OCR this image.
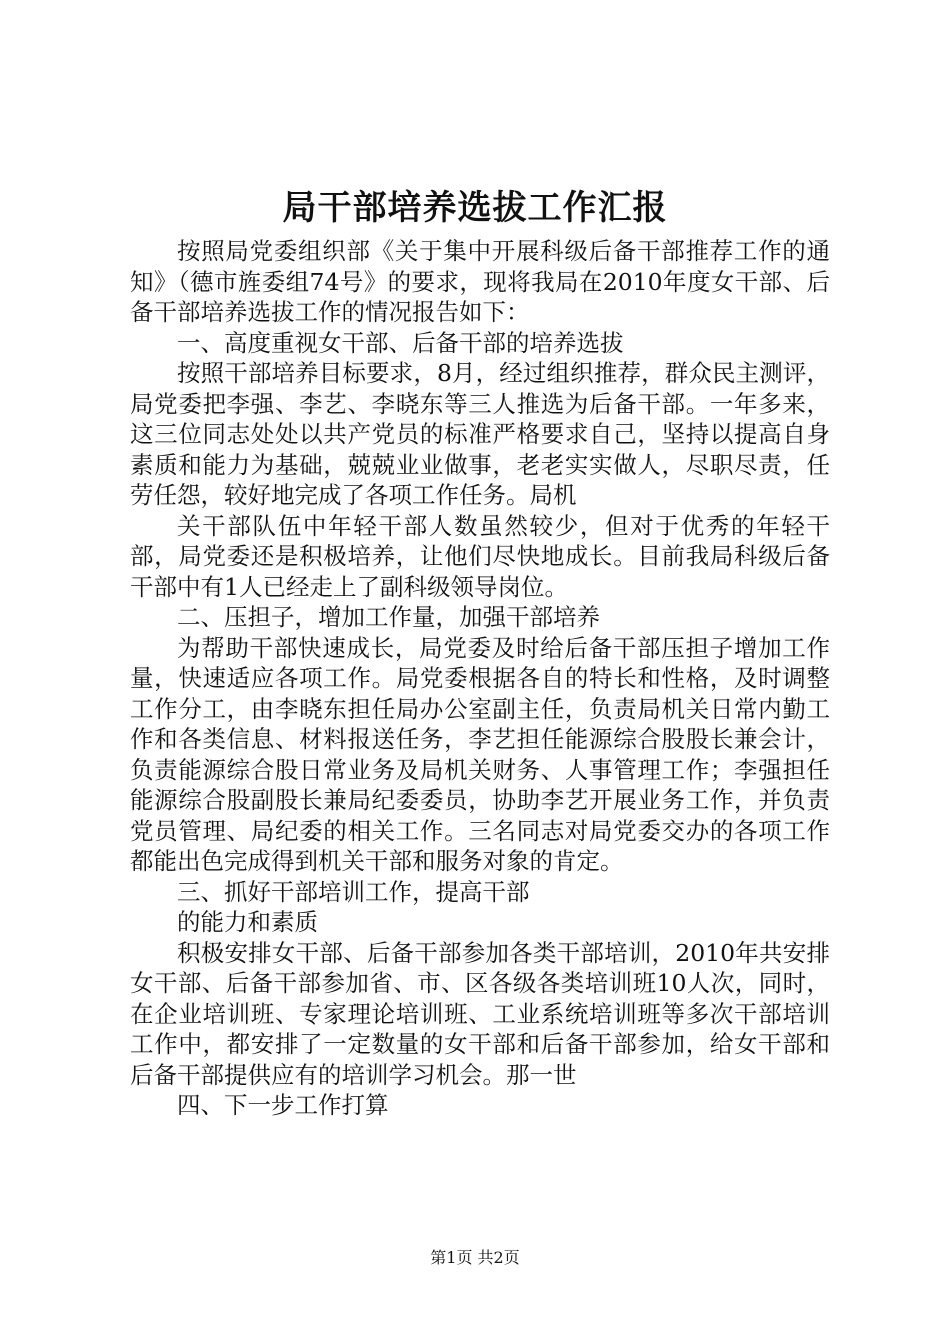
局干部培养选拔工作汇报

按照局党委组织部《关于集中开展科级后备干部推荐工作的通知》（德市旌委组74号》的要求，现将我局在2010年度女干部、后备干部培养选拔工作的情况报告如下：

一、高度重视女干部、后备干部的培养选拔

按照干部培养目标要求，8月，经过组织推荐，群众民主测评，局党委把李强、李艺、李晓东等三人推选为后备干部。一年多来，这三位同志处处以共产党员的标准严格要求自己，坚持以提高自身素质和能力为基础，兢兢业业做事，老老实实做人，尽职尽责，任劳任怨，较好地完成了各项工作任务。局机

关干部队伍中年轻干部人数虽然较少，但对于优秀的年轻干部，局党委还是积极培养，让他们尽快地成长。目前我局科级后备干部中有1人已经走上了副科级领导岗位。

二、压担子，增加工作量，加强干部培养

为帮助干部快速成长，局党委及时给后备干部压担子增加工作量，快速适应各项工作。局党委根据各自的特长和性格，及时调整工作分工，由李晓东担任局办公室副主任，负责局机关日常内勤工作和各类信息、材料报送任务，李艺担任能源综合股股长兼会计，负责能源综合股日常业务及局机关财务、人事管理工作；李强担任能源综合股副股长兼局纪委委员，协助李艺开展业务工作，并负责党员管理、局纪委的相关工作。三名同志对局党委交办的各项工作都能出色完成得到机关干部和服务对象的肯定。

三、抓好干部培训工作，提高干部

的能力和素质

积极安排女干部、后备干部参加各类干部培训，2010年共安排女干部、后备干部参加省、市、区各级各类培训班10人次，同时，在企业培训班、专家理论培训班、工业系统培训班等多次干部培训工作中，都安排了一定数量的女干部和后备干部参加，给女干部和后备干部提供应有的培训学习机会。那一世

四、下一步工作打算

第1页 共2页
